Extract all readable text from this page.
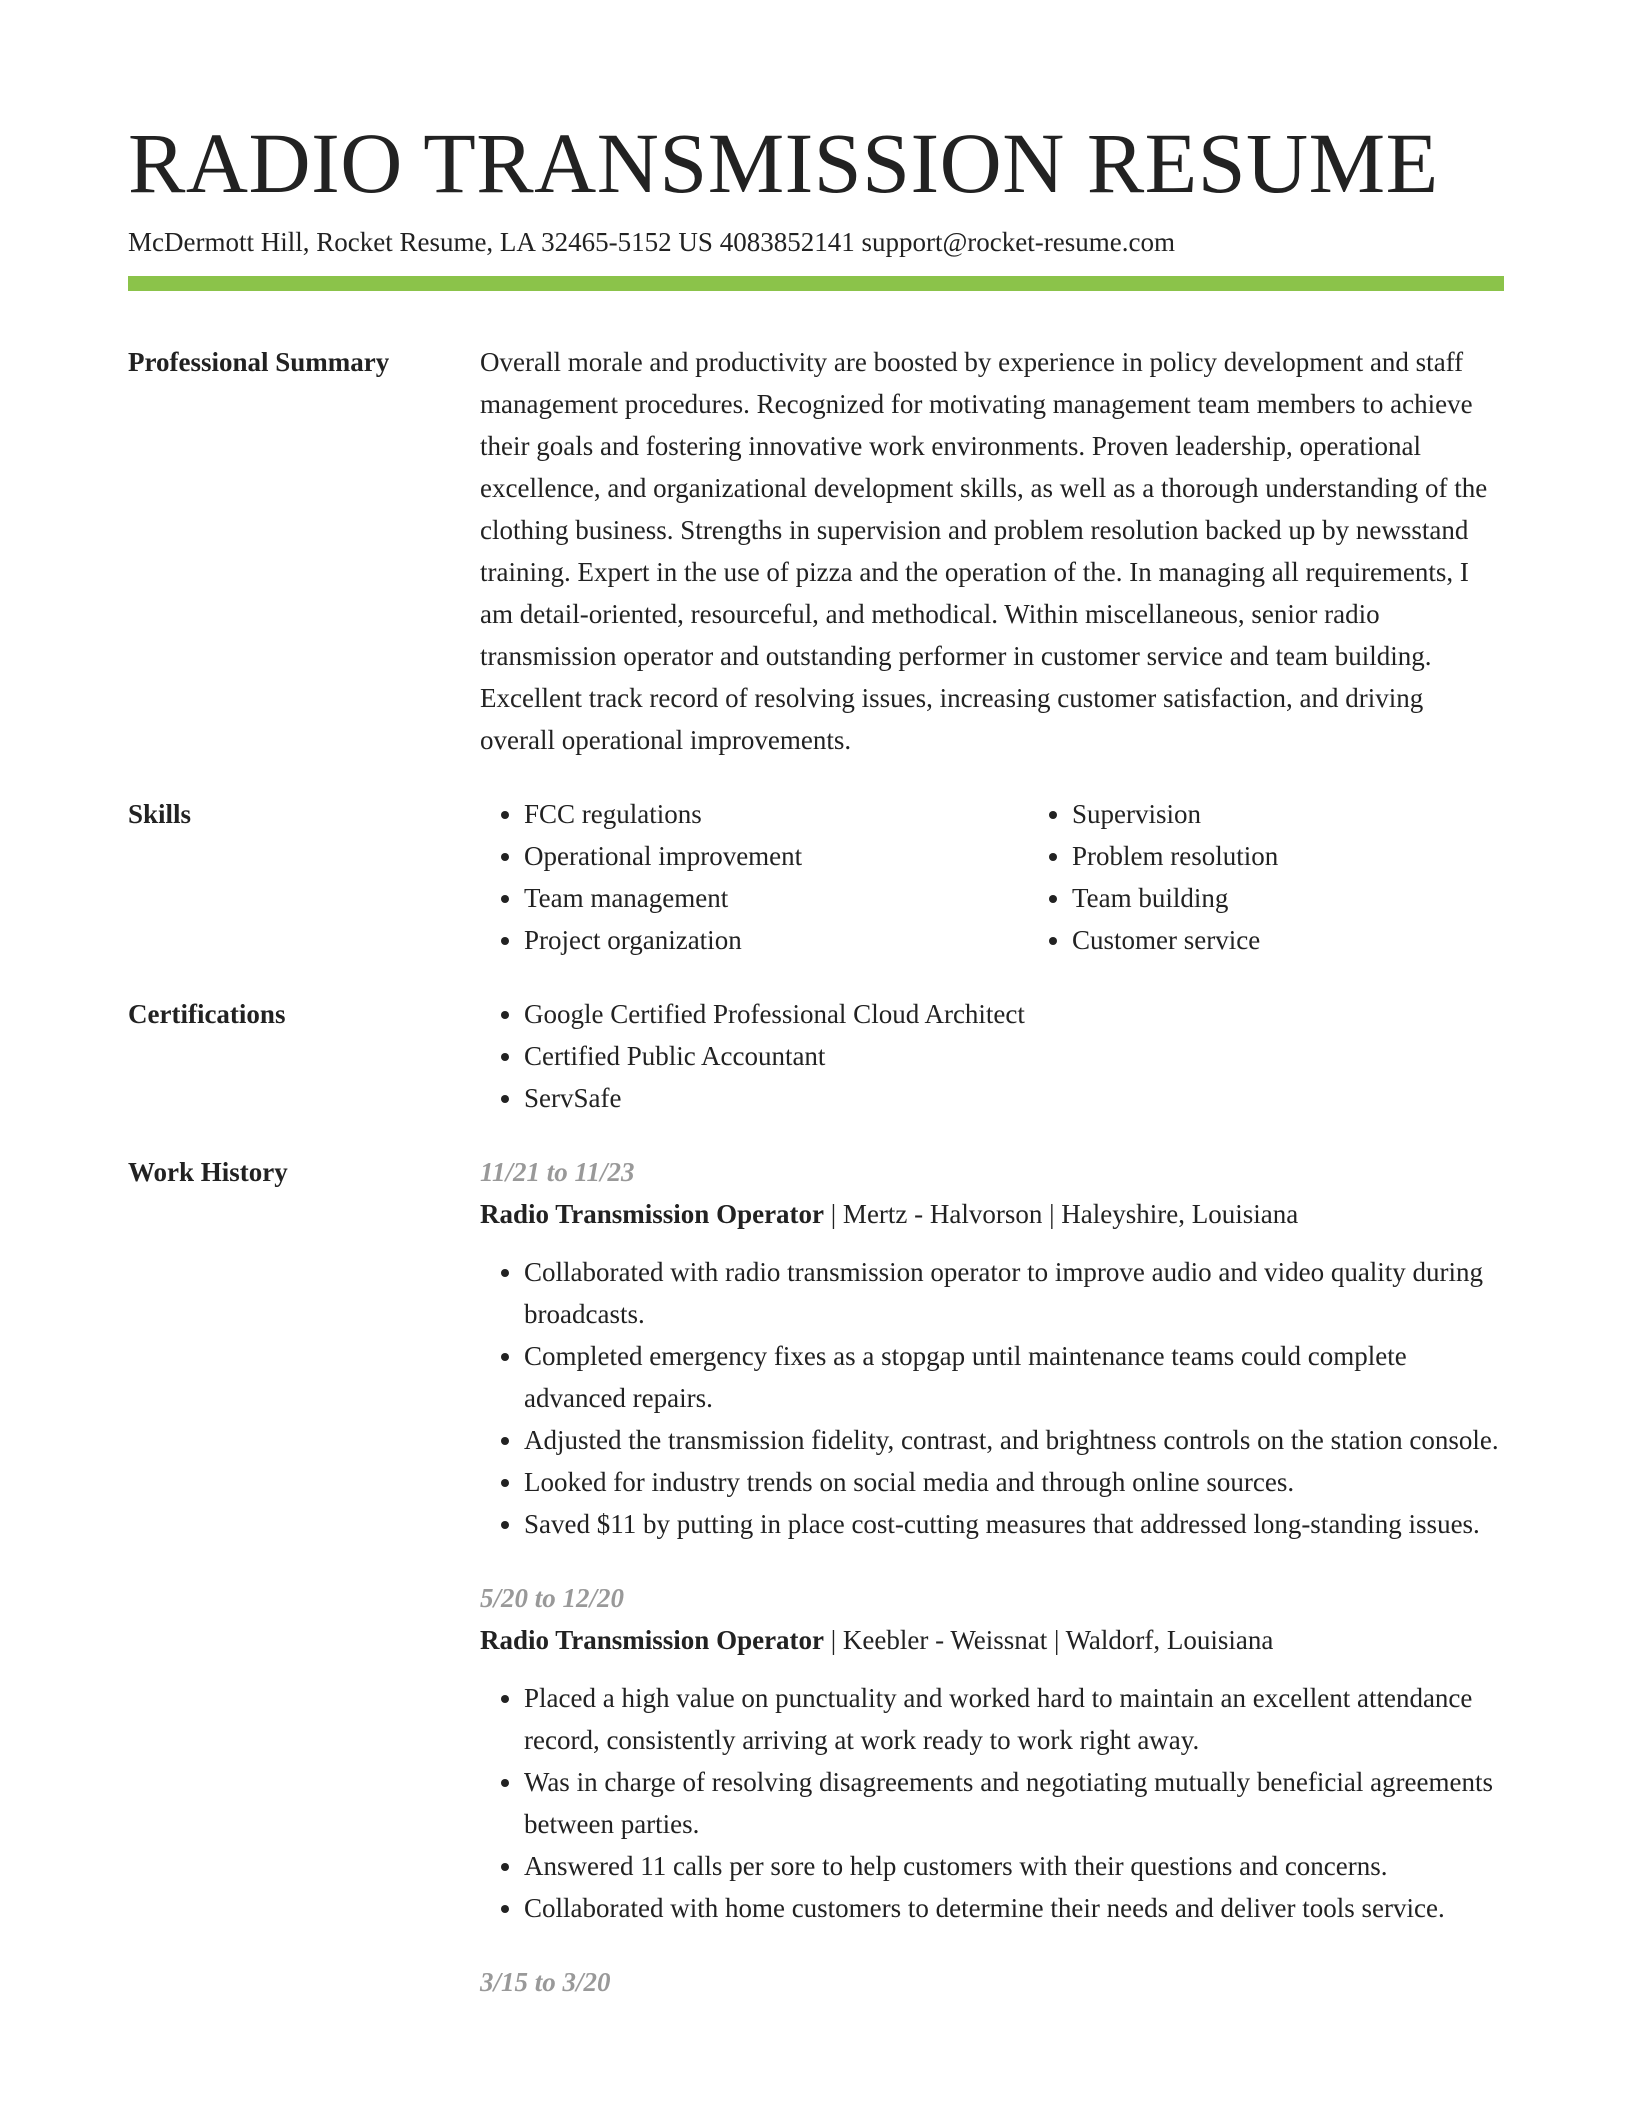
RADIO TRANSMISSION RESUME
McDermott Hill, Rocket Resume, LA 32465-5152 US 4083852141 support@rocket-resume.com
Professional Summary	Overall morale and productivity are boosted by experience in policy development and staff management procedures. Recognized for motivating management team members to achieve their goals and fostering innovative work environments. Proven leadership, operational excellence, and organizational development skills, as well as a thorough understanding of the clothing business. Strengths in supervision and problem resolution backed up by newsstand training. Expert in the use of pizza and the operation of the. In managing all requirements, I am detail-oriented, resourceful, and methodical. Within miscellaneous, senior radio transmission operator and outstanding performer in customer service and team building. Excellent track record of resolving issues, increasing customer satisfaction, and driving overall operational improvements.

Skills	• FCC regulations
• Operational improvement
• Team management
• Project organization
• Supervision
• Problem resolution
• Team building
• Customer service
Certifications	• Google Certified Professional Cloud Architect
• Certified Public Accountant
• ServSafe
Work History	11/21 to 11/23
Radio Transmission Operator | Mertz - Halvorson | Haleyshire, Louisiana
• Collaborated with radio transmission operator to improve audio and video quality during broadcasts.
• Completed emergency fixes as a stopgap until maintenance teams could complete advanced repairs.
• Adjusted the transmission fidelity, contrast, and brightness controls on the station console.
• Looked for industry trends on social media and through online sources.
• Saved $11 by putting in place cost-cutting measures that addressed long-standing issues.
5/20 to 12/20
Radio Transmission Operator | Keebler - Weissnat | Waldorf, Louisiana
• Placed a high value on punctuality and worked hard to maintain an excellent attendance record, consistently arriving at work ready to work right away.
• Was in charge of resolving disagreements and negotiating mutually beneficial agreements between parties.
• Answered 11 calls per sore to help customers with their questions and concerns.
• Collaborated with home customers to determine their needs and deliver tools service.
3/15 to 3/20
